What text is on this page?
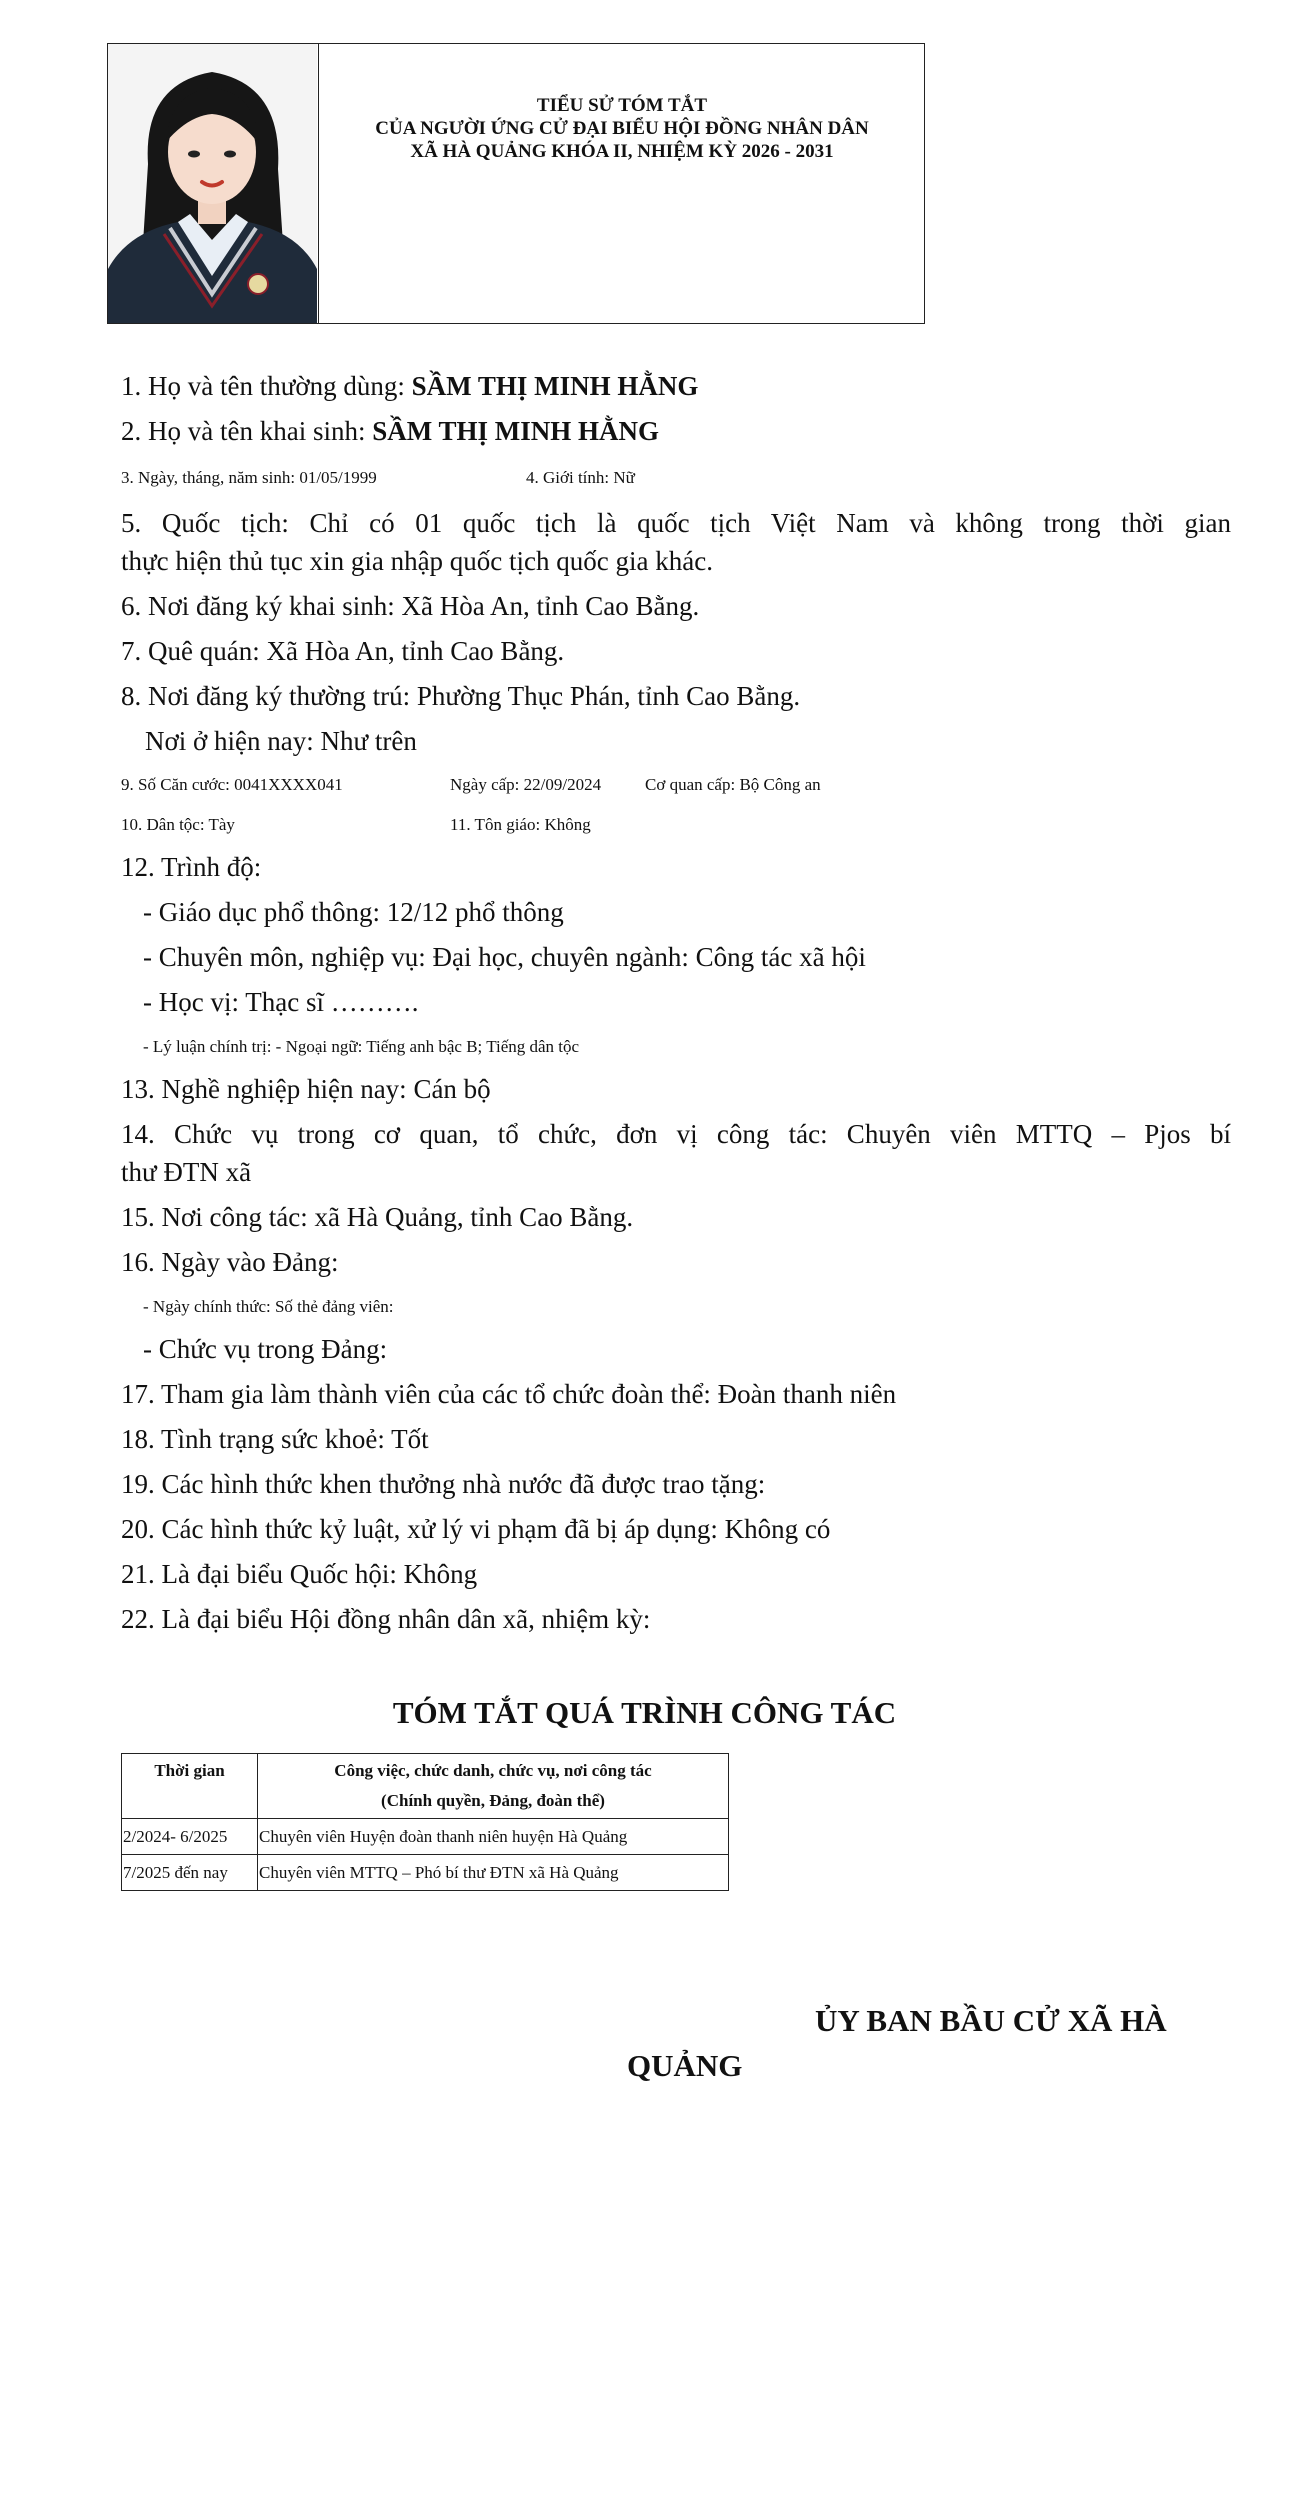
TIỂU SỬ TÓM TẮT
CỦA NGƯỜI ỨNG CỬ ĐẠI BIỂU HỘI ĐỒNG NHÂN DÂN
XÃ HÀ QUẢNG KHÓA II, NHIỆM KỲ 2026 - 2031
1. Họ và tên thường dùng: SẦM THỊ MINH HẰNG
2. Họ và tên khai sinh: SẦM THỊ MINH HẰNG
3. Ngày, tháng, năm sinh: 01/05/1999	4. Giới tính: Nữ
5. Quốc tịch: Chỉ có 01 quốc tịch là quốc tịch Việt Nam và không trong thời gian
thực hiện thủ tục xin gia nhập quốc tịch quốc gia khác.
6. Nơi đăng ký khai sinh: Xã Hòa An, tỉnh Cao Bằng.
7. Quê quán: Xã Hòa An, tỉnh Cao Bằng.
8. Nơi đăng ký thường trú: Phường Thục Phán, tỉnh Cao Bằng.
Nơi ở hiện nay: Như trên
9. Số Căn cước: 0041XXXX041	Ngày cấp: 22/09/2024	Cơ quan cấp: Bộ Công an
10. Dân tộc: Tày	11. Tôn giáo: Không
12. Trình độ:
- Giáo dục phổ thông: 12/12 phổ thông
- Chuyên môn, nghiệp vụ: Đại học, chuyên ngành: Công tác xã hội
- Học vị: Thạc sĩ ……….
- Lý luận chính trị: - Ngoại ngữ: Tiếng anh bậc B; Tiếng dân tộc
13. Nghề nghiệp hiện nay: Cán bộ
14. Chức vụ trong cơ quan, tổ chức, đơn vị công tác: Chuyên viên MTTQ – Pjos bí
thư ĐTN xã
15. Nơi công tác: xã Hà Quảng, tỉnh Cao Bằng.
16. Ngày vào Đảng:
- Ngày chính thức: Số thẻ đảng viên:
- Chức vụ trong Đảng:
17. Tham gia làm thành viên của các tổ chức đoàn thể: Đoàn thanh niên
18. Tình trạng sức khoẻ: Tốt
19. Các hình thức khen thưởng nhà nước đã được trao tặng:
20. Các hình thức kỷ luật, xử lý vi phạm đã bị áp dụng: Không có
21. Là đại biểu Quốc hội: Không
22. Là đại biểu Hội đồng nhân dân xã, nhiệm kỳ:
TÓM TẮT QUÁ TRÌNH CÔNG TÁC
Thời gian	Công việc, chức danh, chức vụ, nơi công tác
(Chính quyền, Đảng, đoàn thể)

2/2024- 6/2025	Chuyên viên Huyện đoàn thanh niên huyện Hà Quảng
7/2025 đến nay	Chuyên viên MTTQ – Phó bí thư ĐTN xã Hà Quảng
ỦY BAN BẦU CỬ XÃ HÀ
QUẢNG
